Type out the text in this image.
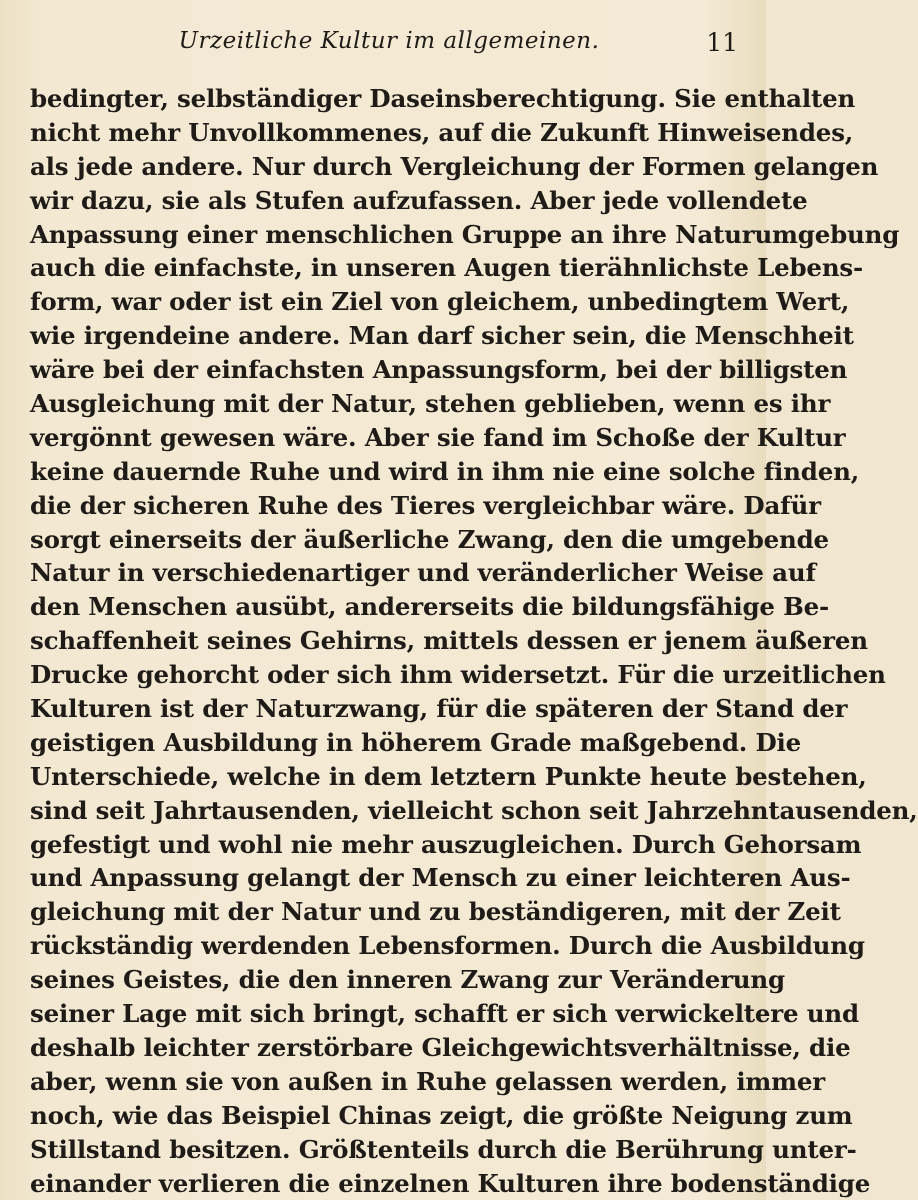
Urzeitliche Kultur im allgemeinen.	11
bedingter, selbständiger Daseinsberechtigung. Sie enthalten
nicht mehr Unvollkommenes, auf die Zukunft Hinweisendes,
als jede andere. Nur durch Vergleichung der Formen gelangen
wir dazu, sie als Stufen aufzufassen. Aber jede vollendete
Anpassung einer menschlichen Gruppe an ihre Naturumgebung
auch die einfachste, in unseren Augen tierähnlichste Lebens-
form, war oder ist ein Ziel von gleichem, unbedingtem Wert,
wie irgendeine andere. Man darf sicher sein, die Menschheit
wäre bei der einfachsten Anpassungsform, bei der billigsten
Ausgleichung mit der Natur, stehen geblieben, wenn es ihr
vergönnt gewesen wäre. Aber sie fand im Schoße der Kultur
keine dauernde Ruhe und wird in ihm nie eine solche finden,
die der sicheren Ruhe des Tieres vergleichbar wäre. Dafür
sorgt einerseits der äußerliche Zwang, den die umgebende
Natur in verschiedenartiger und veränderlicher Weise auf
den Menschen ausübt, andererseits die bildungsfähige Be-
schaffenheit seines Gehirns, mittels dessen er jenem äußeren
Drucke gehorcht oder sich ihm widersetzt. Für die urzeitlichen
Kulturen ist der Naturzwang, für die späteren der Stand der
geistigen Ausbildung in höherem Grade maßgebend. Die
Unterschiede, welche in dem letztern Punkte heute bestehen,
sind seit Jahrtausenden, vielleicht schon seit Jahrzehntausenden,
gefestigt und wohl nie mehr auszugleichen. Durch Gehorsam
und Anpassung gelangt der Mensch zu einer leichteren Aus-
gleichung mit der Natur und zu beständigeren, mit der Zeit
rückständig werdenden Lebensformen. Durch die Ausbildung
seines Geistes, die den inneren Zwang zur Veränderung
seiner Lage mit sich bringt, schafft er sich verwickeltere und
deshalb leichter zerstörbare Gleichgewichtsverhältnisse, die
aber, wenn sie von außen in Ruhe gelassen werden, immer
noch, wie das Beispiel Chinas zeigt, die größte Neigung zum
Stillstand besitzen. Größtenteils durch die Berührung unter-
einander verlieren die einzelnen Kulturen ihre bodenständige
